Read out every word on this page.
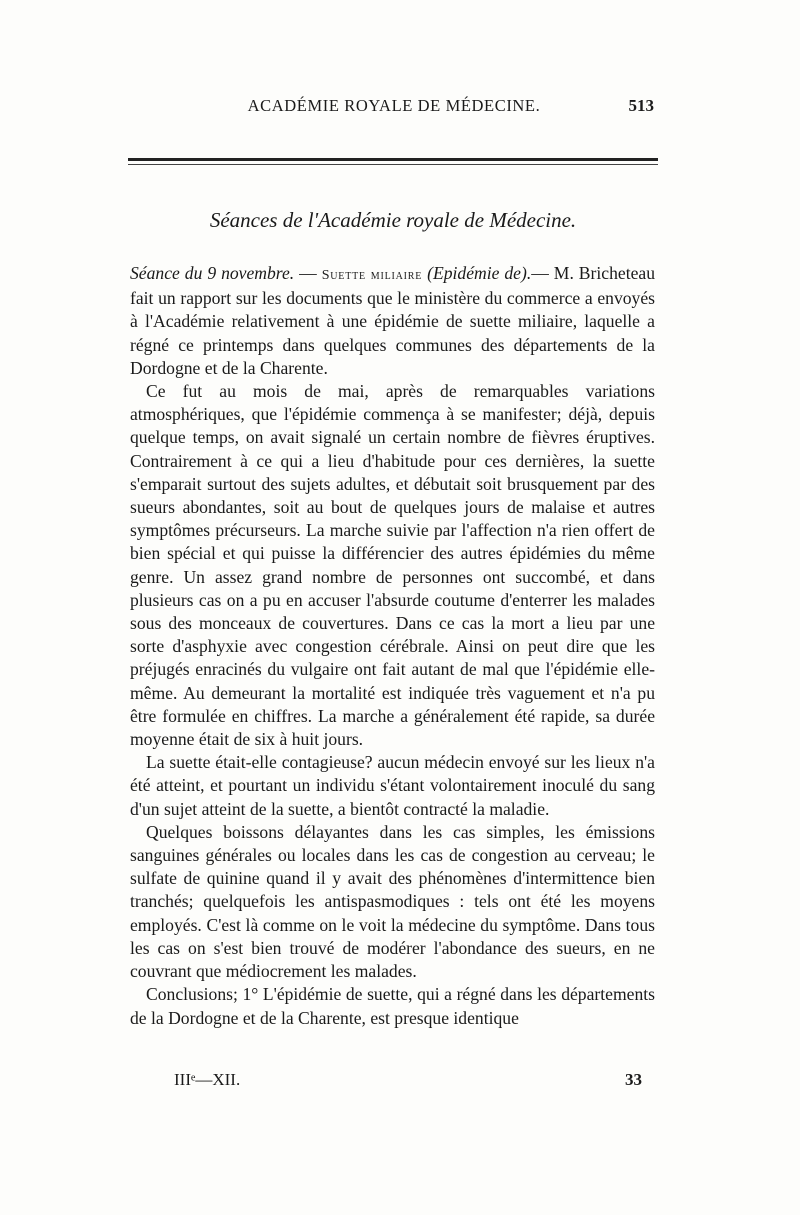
ACADÉMIE ROYALE DE MÉDECINE.	513
Séances de l'Académie royale de Médecine.

Séance du 9 novembre. — Suette miliaire (Epidémie de).— M. Bricheteau fait un rapport sur les documents que le ministère du commerce a envoyés à l'Académie relativement à une épidémie de suette miliaire, laquelle a régné ce printemps dans quelques communes des départements de la Dordogne et de la Charente.

Ce fut au mois de mai, après de remarquables variations atmosphériques, que l'épidémie commença à se manifester; déjà, depuis quelque temps, on avait signalé un certain nombre de fièvres éruptives. Contrairement à ce qui a lieu d'habitude pour ces dernières, la suette s'emparait surtout des sujets adultes, et débutait soit brusquement par des sueurs abondantes, soit au bout de quelques jours de malaise et autres symptômes précurseurs. La marche suivie par l'affection n'a rien offert de bien spécial et qui puisse la différencier des autres épidémies du même genre. Un assez grand nombre de personnes ont succombé, et dans plusieurs cas on a pu en accuser l'absurde coutume d'enterrer les malades sous des monceaux de couvertures. Dans ce cas la mort a lieu par une sorte d'asphyxie avec congestion cérébrale. Ainsi on peut dire que les préjugés enracinés du vulgaire ont fait autant de mal que l'épidémie elle-même. Au demeurant la mortalité est indiquée très vaguement et n'a pu être formulée en chiffres. La marche a généralement été rapide, sa durée moyenne était de six à huit jours.

La suette était-elle contagieuse? aucun médecin envoyé sur les lieux n'a été atteint, et pourtant un individu s'étant volontairement inoculé du sang d'un sujet atteint de la suette, a bientôt contracté la maladie.

Quelques boissons délayantes dans les cas simples, les émissions sanguines générales ou locales dans les cas de congestion au cerveau; le sulfate de quinine quand il y avait des phénomènes d'intermittence bien tranchés; quelquefois les antispasmodiques : tels ont été les moyens employés. C'est là comme on le voit la médecine du symptôme. Dans tous les cas on s'est bien trouvé de modérer l'abondance des sueurs, en ne couvrant que médiocrement les malades.

Conclusions; 1° L'épidémie de suette, qui a régné dans les départements de la Dordogne et de la Charente, est presque identique

IIIᵉ—XII.	33
